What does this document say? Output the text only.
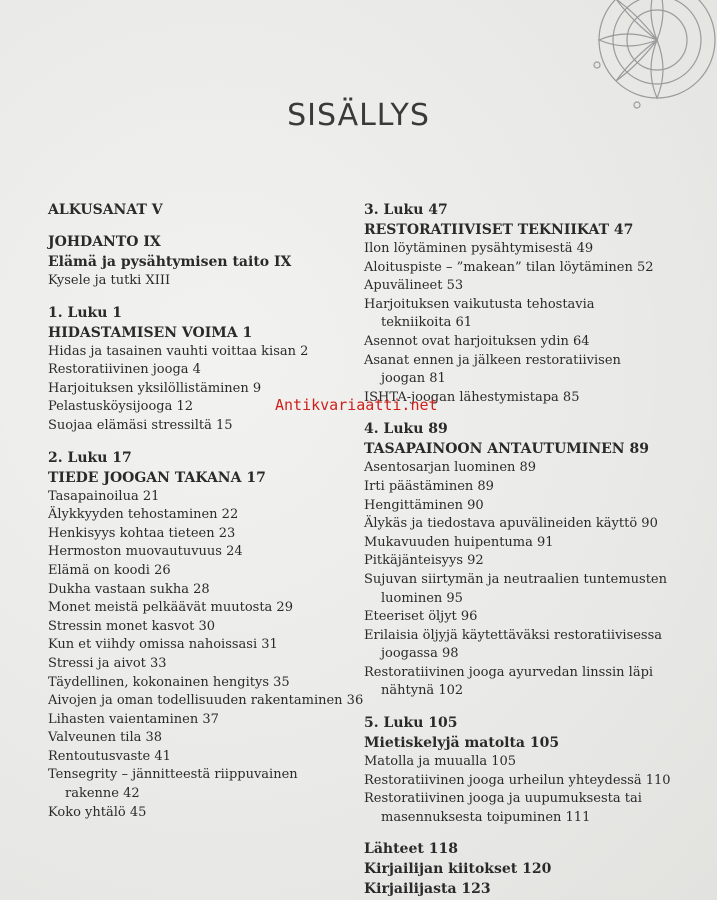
SISÄLLYS
ALKUSANAT V
JOHDANTO IX
Elämä ja pysähtymisen taito IX
Kysele ja tutki XIII
1. Luku 1
HIDASTAMISEN VOIMA 1
Hidas ja tasainen vauhti voittaa kisan 2
Restoratiivinen jooga 4
Harjoituksen yksilöllistäminen 9
Pelastusköysijooga 12
Suojaa elämäsi stressiltä 15
2. Luku 17
TIEDE JOOGAN TAKANA 17
Tasapainoilua 21
Älykkyyden tehostaminen 22
Henkisyys kohtaa tieteen 23
Hermoston muovautuvuus 24
Elämä on koodi 26
Dukha vastaan sukha 28
Monet meistä pelkäävät muutosta 29
Stressin monet kasvot 30
Kun et viihdy omissa nahoissasi 31
Stressi ja aivot 33
Täydellinen, kokonainen hengitys 35
Aivojen ja oman todellisuuden rakentaminen 36
Lihasten vaientaminen 37
Valveunen tila 38
Rentoutusvaste 41
Tensegrity – jännitteestä riippuvainen
rakenne 42
Koko yhtälö 45
3. Luku 47
RESTORATIIVISET TEKNIIKAT 47
Ilon löytäminen pysähtymisestä 49
Aloituspiste – ”makean” tilan löytäminen 52
Apuvälineet 53
Harjoituksen vaikutusta tehostavia
tekniikoita 61
Asennot ovat harjoituksen ydin 64
Asanat ennen ja jälkeen restoratiivisen
joogan 81
ISHTA-joogan lähestymistapa 85
4. Luku 89
TASAPAINOON ANTAUTUMINEN 89
Asentosarjan luominen 89
Irti päästäminen 89
Hengittäminen 90
Älykäs ja tiedostava apuvälineiden käyttö 90
Mukavuuden huipentuma 91
Pitkäjänteisyys 92
Sujuvan siirtymän ja neutraalien tuntemusten
luominen 95
Eteeriset öljyt 96
Erilaisia öljyjä käytettäväksi restoratiivisessa
joogassa 98
Restoratiivinen jooga ayurvedan linssin läpi
nähtynä 102
5. Luku 105
Mietiskelyjä matolta 105
Matolla ja muualla 105
Restoratiivinen jooga urheilun yhteydessä 110
Restoratiivinen jooga ja uupumuksesta tai
masennuksesta toipuminen 111
Lähteet 118
Kirjailijan kiitokset 120
Kirjailijasta 123
Antikvariaatti.net
